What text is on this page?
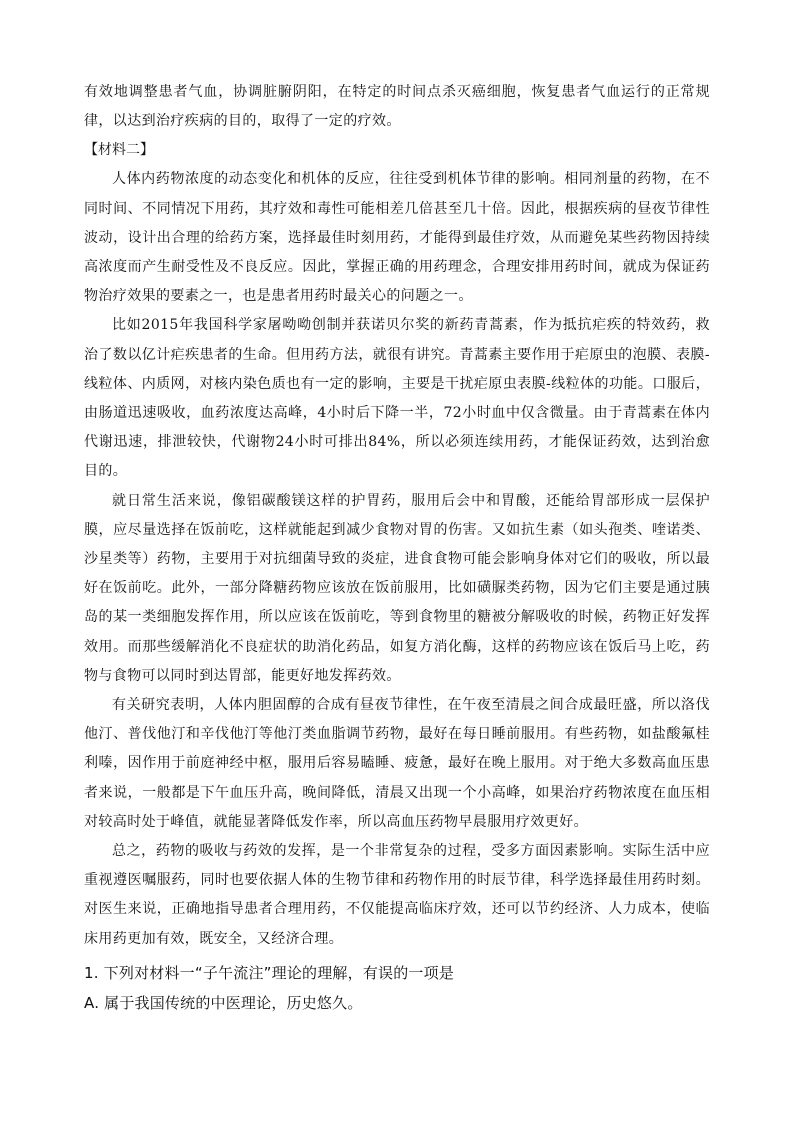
有效地调整患者气血，协调脏腑阴阳，在特定的时间点杀灭癌细胞，恢复患者气血运行的正常规律，以达到治疗疾病的目的，取得了一定的疗效。

【材料二】

人体内药物浓度的动态变化和机体的反应，往往受到机体节律的影响。相同剂量的药物，在不同时间、不同情况下用药，其疗效和毒性可能相差几倍甚至几十倍。因此，根据疾病的昼夜节律性波动，设计出合理的给药方案，选择最佳时刻用药，才能得到最佳疗效，从而避免某些药物因持续高浓度而产生耐受性及不良反应。因此，掌握正确的用药理念，合理安排用药时间，就成为保证药物治疗效果的要素之一，也是患者用药时最关心的问题之一。

比如2015年我国科学家屠呦呦创制并获诺贝尔奖的新药青蒿素，作为抵抗疟疾的特效药，救治了数以亿计疟疾患者的生命。但用药方法，就很有讲究。青蒿素主要作用于疟原虫的泡膜、表膜-线粒体、内质网，对核内染色质也有一定的影响，主要是干扰疟原虫表膜-线粒体的功能。口服后，由肠道迅速吸收，血药浓度达高峰，4小时后下降一半，72小时血中仅含微量。由于青蒿素在体内代谢迅速，排泄较快，代谢物24小时可排出84%，所以必须连续用药，才能保证药效，达到治愈目的。

就日常生活来说，像铝碳酸镁这样的护胃药，服用后会中和胃酸，还能给胃部形成一层保护膜，应尽量选择在饭前吃，这样就能起到减少食物对胃的伤害。又如抗生素（如头孢类、喹诺类、沙星类等）药物，主要用于对抗细菌导致的炎症，进食食物可能会影响身体对它们的吸收，所以最好在饭前吃。此外，一部分降糖药物应该放在饭前服用，比如磺脲类药物，因为它们主要是通过胰岛的某一类细胞发挥作用，所以应该在饭前吃，等到食物里的糖被分解吸收的时候，药物正好发挥效用。而那些缓解消化不良症状的助消化药品，如复方消化酶，这样的药物应该在饭后马上吃，药物与食物可以同时到达胃部，能更好地发挥药效。

有关研究表明，人体内胆固醇的合成有昼夜节律性，在午夜至清晨之间合成最旺盛，所以洛伐他汀、普伐他汀和辛伐他汀等他汀类血脂调节药物，最好在每日睡前服用。有些药物，如盐酸氟桂利嗪，因作用于前庭神经中枢，服用后容易瞌睡、疲惫，最好在晚上服用。对于绝大多数高血压患者来说，一般都是下午血压升高，晚间降低，清晨又出现一个小高峰，如果治疗药物浓度在血压相对较高时处于峰值，就能显著降低发作率，所以高血压药物早晨服用疗效更好。

总之，药物的吸收与药效的发挥，是一个非常复杂的过程，受多方面因素影响。实际生活中应重视遵医嘱服药，同时也要依据人体的生物节律和药物作用的时辰节律，科学选择最佳用药时刻。对医生来说，正确地指导患者合理用药，不仅能提高临床疗效，还可以节约经济、人力成本，使临床用药更加有效，既安全，又经济合理。

1. 下列对材料一“子午流注”理论的理解，有误的一项是

A. 属于我国传统的中医理论，历史悠久。
